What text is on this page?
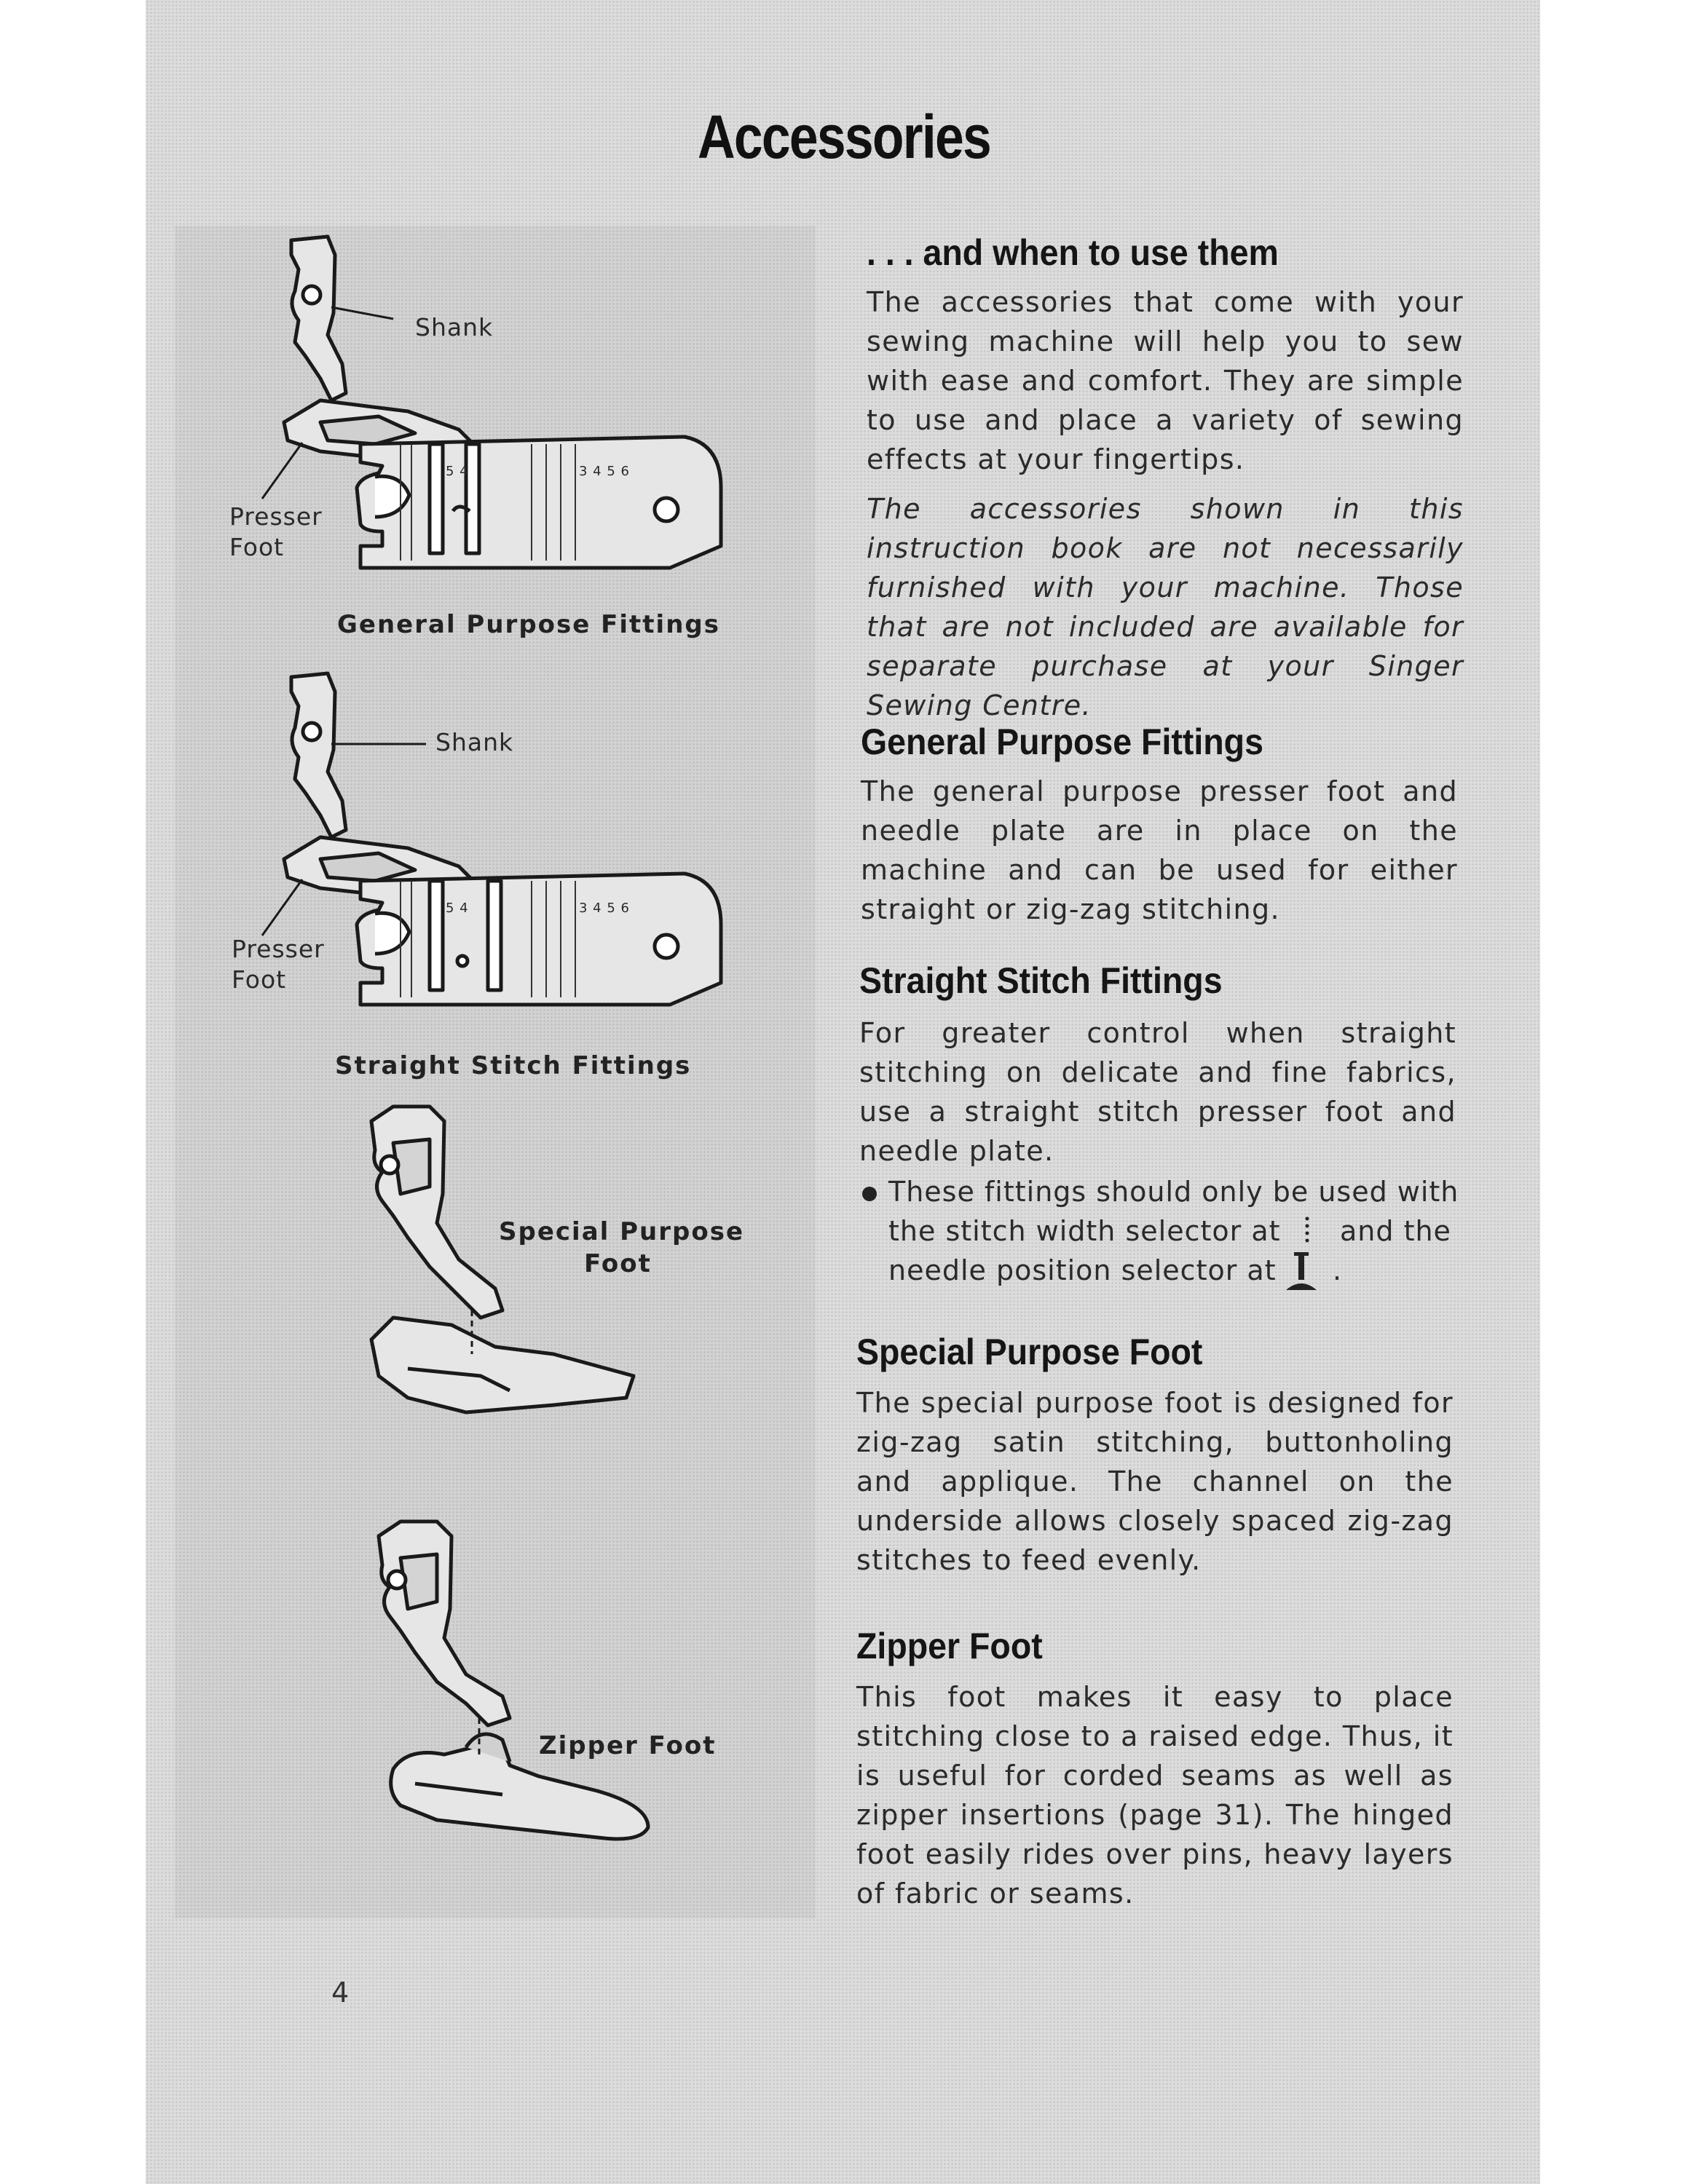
Accessories
. . . and when to use them
The accessories that come with your sewing machine will help you to sew with ease and comfort. They are simple to use and place a variety of sewing effects at your fingertips.
The accessories shown in this instruction book are not necessarily furnished with your machine. Those that are not included are available for separate purchase at your Singer Sewing Centre.
General Purpose Fittings
The general purpose presser foot and needle plate are in place on the machine and can be used for either straight or zig-zag stitching.
Straight Stitch Fittings
For greater control when straight stitching on delicate and fine fabrics, use a straight stitch presser foot and needle plate.
These fittings should only be used with
the stitch width selector at and the
needle position selector at .
Special Purpose Foot
The special purpose foot is designed for zig-zag satin stitching, buttonholing and applique. The channel on the underside allows closely spaced zig-zag stitches to feed evenly.
Zipper Foot
This foot makes it easy to place stitching close to a raised edge. Thus, it is useful for corded seams as well as zipper insertions (page 31). The hinged foot easily rides over pins, heavy layers of fabric or seams.
Shank
Presser
Foot
5 4	3 4 5 6
General Purpose Fittings
Shank
Presser
Foot
5 4	3 4 5 6
Straight Stitch Fittings
Special Purpose
Foot
Zipper Foot
4
